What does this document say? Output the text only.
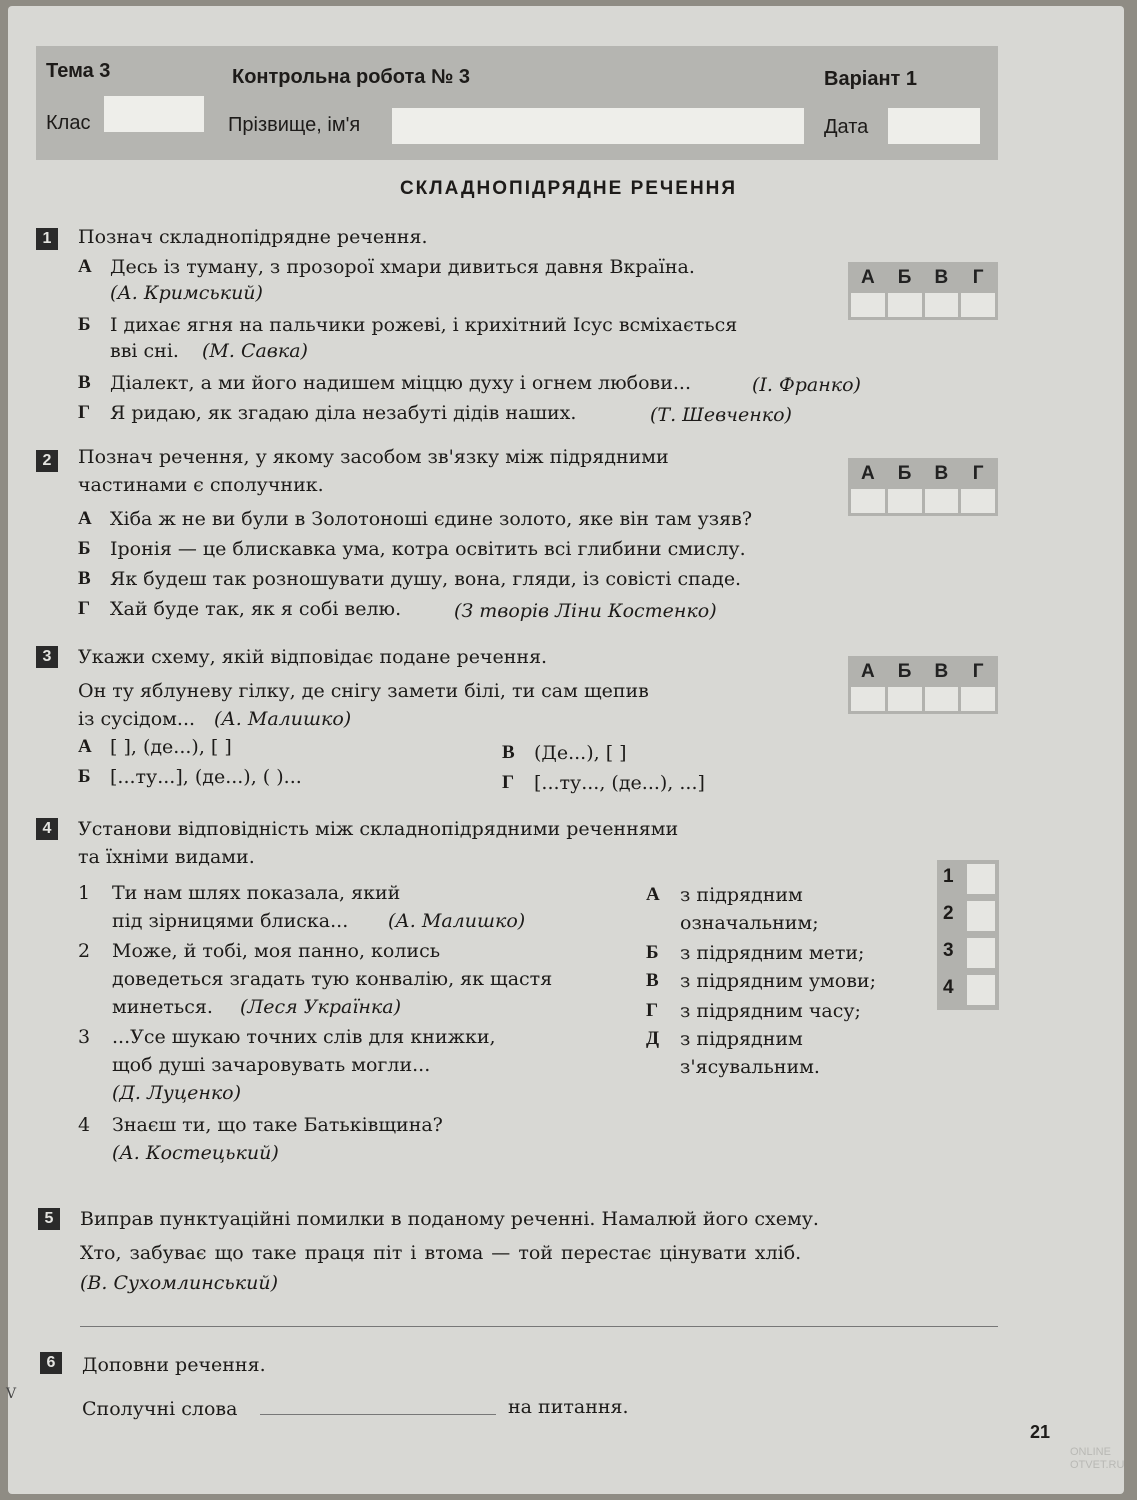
Тема 3	Контрольна робота № 3	Варіант 1
Клас	Прізвище, ім'я	Дата
СКЛАДНОПІДРЯДНЕ РЕЧЕННЯ
1	Познач складнопідрядне речення.
А Десь із туману, з прозорої хмари дивиться давня Вкраїна.
(А. Кримський)
Б І дихає ягня на пальчики рожеві, і крихітний Ісус всміхається
вві сні. (М. Савка)
В Діалект, а ми його надишем міццю духу і огнем любови...	(І. Франко)
Г Я ридаю, як згадаю діла незабуті дідів наших.	(Т. Шевченко)
А	Б	В	Г
2	Познач речення, у якому засобом зв'язку між підрядними
частинами є сполучник.
А Хіба ж не ви були в Золотоноші єдине золото, яке він там узяв?
Б Іронія — це блискавка ума, котра освітить всі глибини смислу.
В Як будеш так розношувати душу, вона, гляди, із совісті спаде.
Г Хай буде так, як я собі велю.	(З творів Ліни Костенко)
А	Б	В	Г
3	Укажи схему, якій відповідає подане речення.
Он ту яблуневу гілку, де снігу замети білі, ти сам щепив
із сусідом... (А. Малишко)
А [ ], (де...), [ ]
Б [...ту...], (де...), ( )...
В (Де...), [ ]
Г [...ту..., (де...), ...]
А	Б	В	Г
4	Установи відповідність між складнопідрядними реченнями
та їхніми видами.
1 Ти нам шлях показала, який
під зірницями блиска... (А. Малишко)
2 Може, й тобі, моя панно, колись
доведеться згадать тую конвалію, як щастя
минеться. (Леся Українка)
3 ...Усе шукаю точних слів для книжки,
щоб душі зачаровувать могли...
(Д. Луценко)
4 Знаєш ти, що таке Батьківщина?
(А. Костецький)
А з підрядним
означальним;
Б з підрядним мети;
В з підрядним умови;
Г з підрядним часу;
Д з підрядним
з'ясувальним.
1
2
3
4
5	Виправ пунктуаційні помилки в поданому реченні. Намалюй його схему.
Хто, забуває що таке праця піт і втома — той перестає цінувати хліб.
(В. Сухомлинський)
6	Доповни речення.
Сполучні слова	на питання.
V
21
ONLINE
OTVET.RU
